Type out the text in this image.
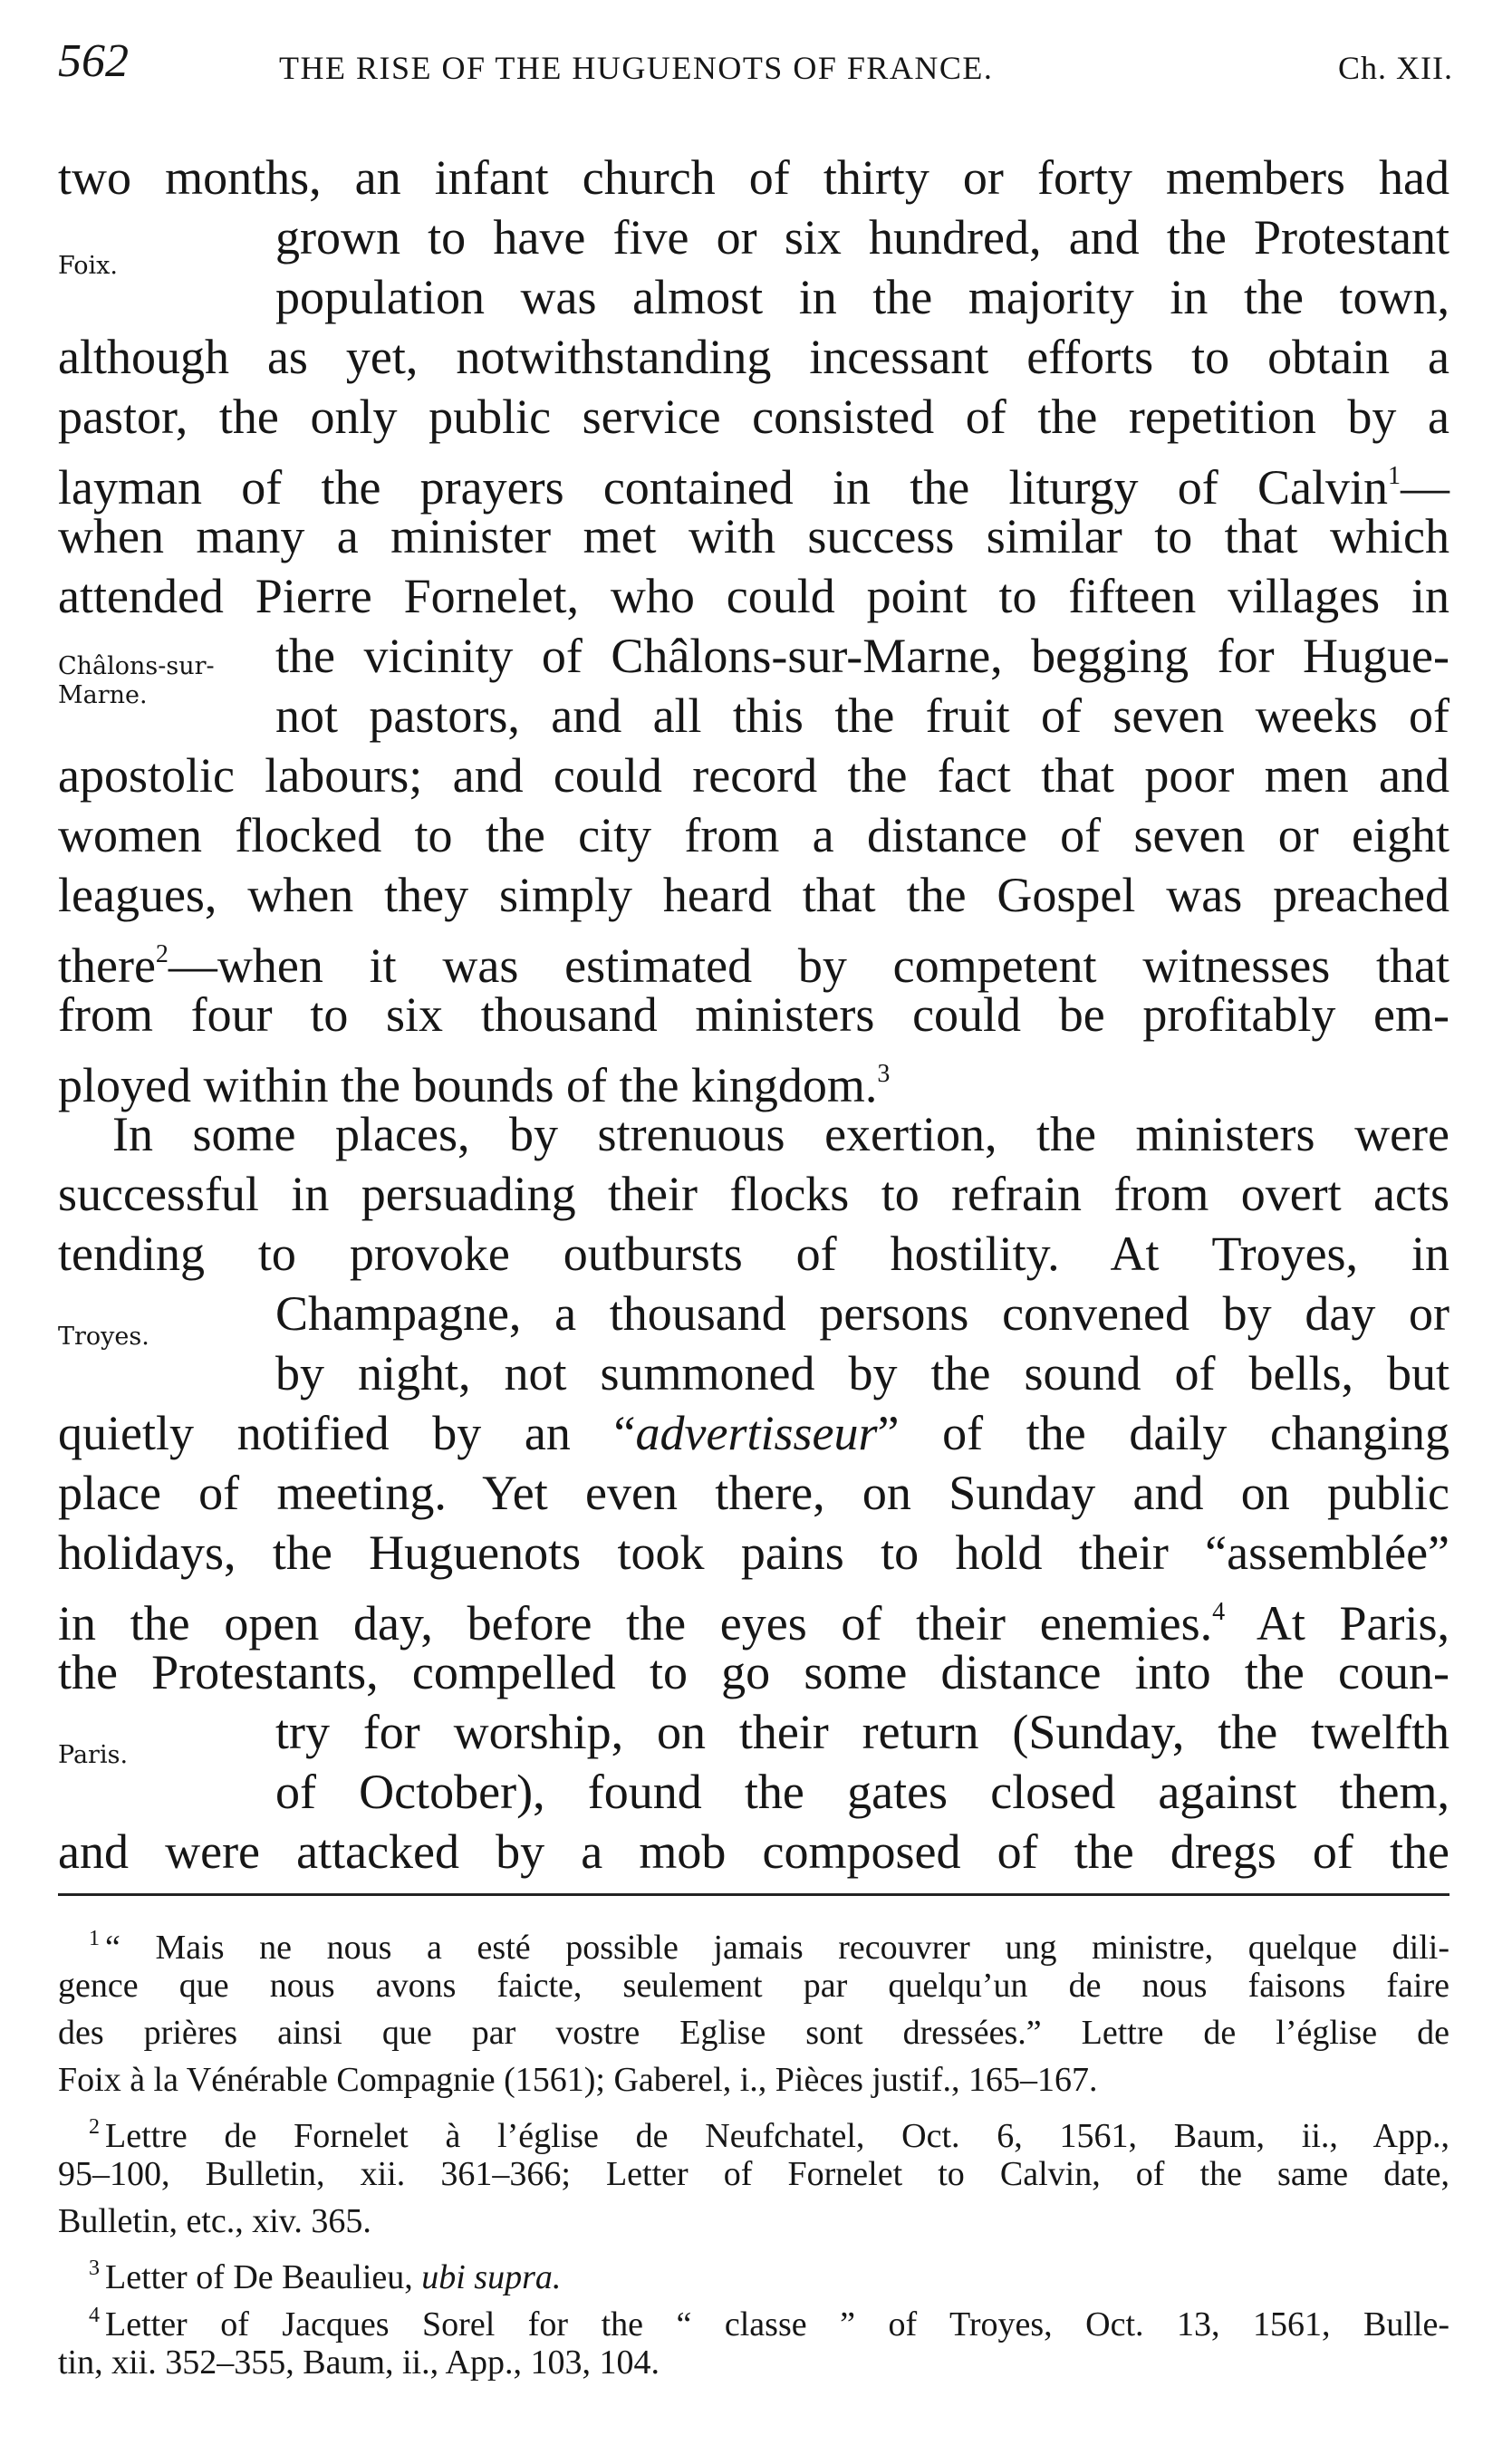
562	THE RISE OF THE HUGUENOTS OF FRANCE.	Ch. XII.
Foix.
Châlons-sur-
Marne.
Troyes.
Paris.
two months, an infant church of thirty or forty members had
grown to have five or six hundred, and the Protestant
population was almost in the majority in the town,
although as yet, notwithstanding incessant efforts to obtain a
pastor, the only public service consisted of the repetition by a
layman of the prayers contained in the liturgy of Calvin$^1$—
when many a minister met with success similar to that which
attended Pierre Fornelet, who could point to fifteen villages in
the vicinity of Châlons-sur-Marne, begging for Hugue-
not pastors, and all this the fruit of seven weeks of
apostolic labours; and could record the fact that poor men and
women flocked to the city from a distance of seven or eight
leagues, when they simply heard that the Gospel was preached
there$^2$—when it was estimated by competent witnesses that
from four to six thousand ministers could be profitably em-
ployed within the bounds of the kingdom.$^3$
In some places, by strenuous exertion, the ministers were
successful in persuading their flocks to refrain from overt acts
tending to provoke outbursts of hostility. At Troyes, in
Champagne, a thousand persons convened by day or
by night, not summoned by the sound of bells, but
quietly notified by an “advertisseur” of the daily changing
place of meeting. Yet even there, on Sunday and on public
holidays, the Huguenots took pains to hold their “assemblée”
in the open day, before the eyes of their enemies.$^4$ At Paris,
the Protestants, compelled to go some distance into the coun-
try for worship, on their return (Sunday, the twelfth
of October), found the gates closed against them,
and were attacked by a mob composed of the dregs of the
$^1$ “ Mais ne nous a esté possible jamais recouvrer ung ministre, quelque dili-
gence que nous avons faicte, seulement par quelqu’un de nous faisons faire
des prières ainsi que par vostre Eglise sont dressées.” Lettre de l’église de
Foix à la Vénérable Compagnie (1561); Gaberel, i., Pièces justif., 165–167.
$^2$ Lettre de Fornelet à l’église de Neufchatel, Oct. 6, 1561, Baum, ii., App.,
95–100, Bulletin, xii. 361–366; Letter of Fornelet to Calvin, of the same date,
Bulletin, etc., xiv. 365.
$^3$ Letter of De Beaulieu, ubi supra.
$^4$ Letter of Jacques Sorel for the “ classe ” of Troyes, Oct. 13, 1561, Bulle-
tin, xii. 352–355, Baum, ii., App., 103, 104.
